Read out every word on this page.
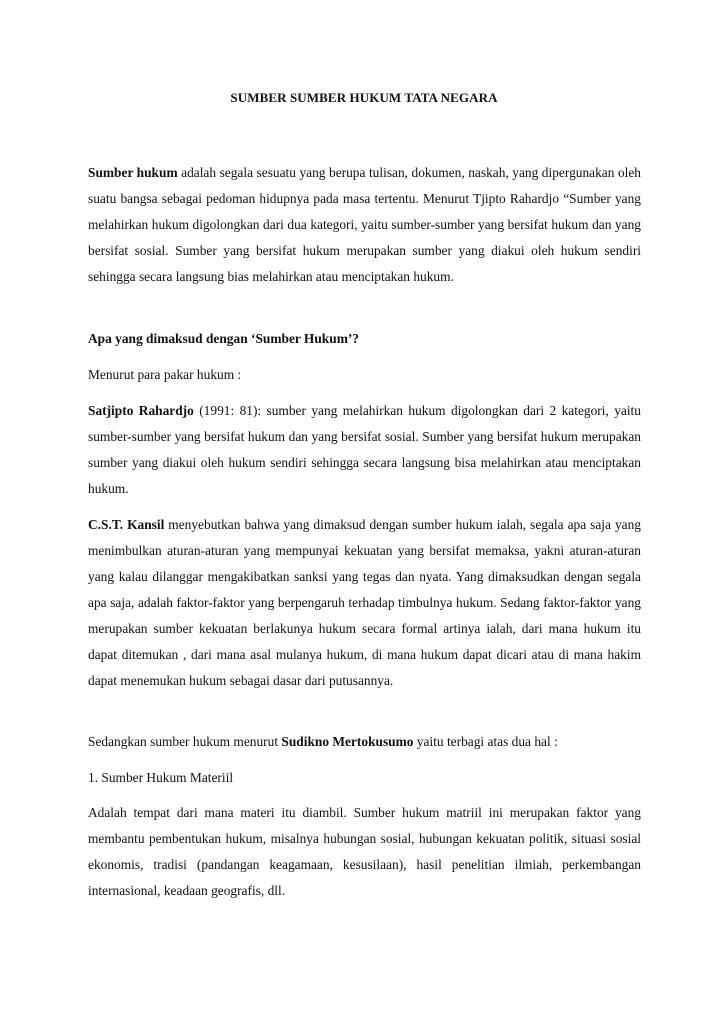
SUMBER SUMBER HUKUM TATA NEGARA

Sumber hukum adalah segala sesuatu yang berupa tulisan, dokumen, naskah, yang dipergunakan oleh suatu bangsa sebagai pedoman hidupnya pada masa tertentu. Menurut Tjipto Rahardjo “Sumber yang melahirkan hukum digolongkan dari dua kategori, yaitu sumber-sumber yang bersifat hukum dan yang bersifat sosial. Sumber yang bersifat hukum merupakan sumber yang diakui oleh hukum sendiri sehingga secara langsung bias melahirkan atau menciptakan hukum.

Apa yang dimaksud dengan ‘Sumber Hukum’?

Menurut para pakar hukum :

Satjipto Rahardjo (1991: 81): sumber yang melahirkan hukum digolongkan dari 2 kategori, yaitu sumber-sumber yang bersifat hukum dan yang bersifat sosial. Sumber yang bersifat hukum merupakan sumber yang diakui oleh hukum sendiri sehingga secara langsung bisa melahirkan atau menciptakan hukum.

C.S.T. Kansil menyebutkan bahwa yang dimaksud dengan sumber hukum ialah, segala apa saja yang menimbulkan aturan-aturan yang mempunyai kekuatan yang bersifat memaksa, yakni aturan-aturan yang kalau dilanggar mengakibatkan sanksi yang tegas dan nyata. Yang dimaksudkan dengan segala apa saja, adalah faktor-faktor yang berpengaruh terhadap timbulnya hukum. Sedang faktor-faktor yang merupakan sumber kekuatan berlakunya hukum secara formal artinya ialah, dari mana hukum itu dapat ditemukan , dari mana asal mulanya hukum, di mana hukum dapat dicari atau di mana hakim dapat menemukan hukum sebagai dasar dari putusannya.

Sedangkan sumber hukum menurut Sudikno Mertokusumo yaitu terbagi atas dua hal :

1. Sumber Hukum Materiil

Adalah tempat dari mana materi itu diambil. Sumber hukum matriil ini merupakan faktor yang membantu pembentukan hukum, misalnya hubungan sosial, hubungan kekuatan politik, situasi sosial ekonomis, tradisi (pandangan keagamaan, kesusilaan), hasil penelitian ilmiah, perkembangan internasional, keadaan geografis, dll.
